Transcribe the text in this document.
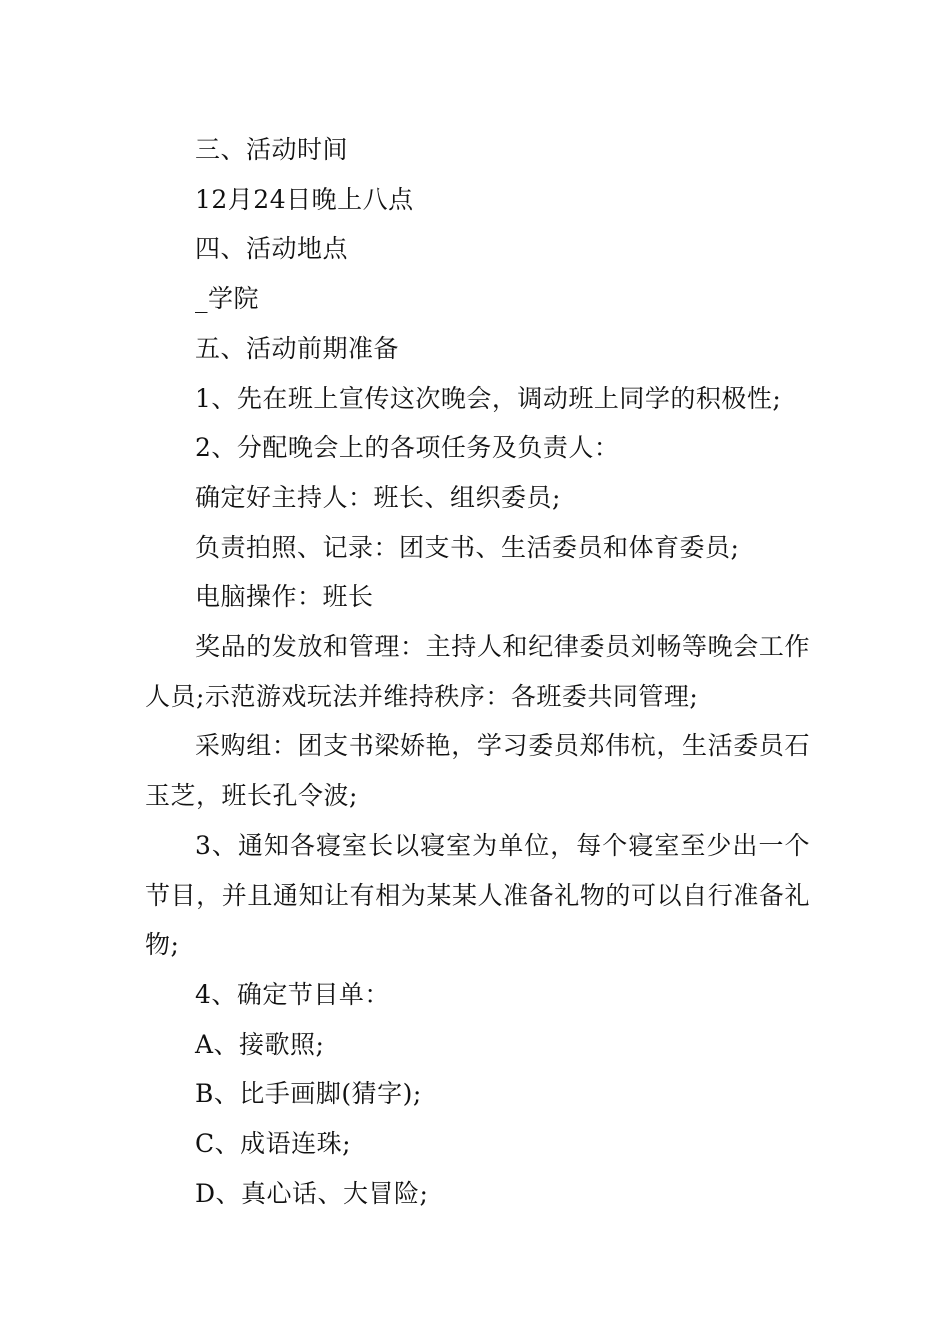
三、活动时间

12月24日晚上八点

四、活动地点

_学院

五、活动前期准备

1、先在班上宣传这次晚会，调动班上同学的积极性;

2、分配晚会上的各项任务及负责人：

确定好主持人：班长、组织委员;

负责拍照、记录：团支书、生活委员和体育委员;

电脑操作：班长

奖品的发放和管理：主持人和纪律委员刘畅等晚会工作人员;示范游戏玩法并维持秩序：各班委共同管理;

采购组：团支书梁娇艳，学习委员郑伟杭，生活委员石玉芝，班长孔令波;

3、通知各寝室长以寝室为单位，每个寝室至少出一个节目，并且通知让有相为某某人准备礼物的可以自行准备礼物;

4、确定节目单：

A、接歌照;

B、比手画脚(猜字);

C、成语连珠;

D、真心话、大冒险;
